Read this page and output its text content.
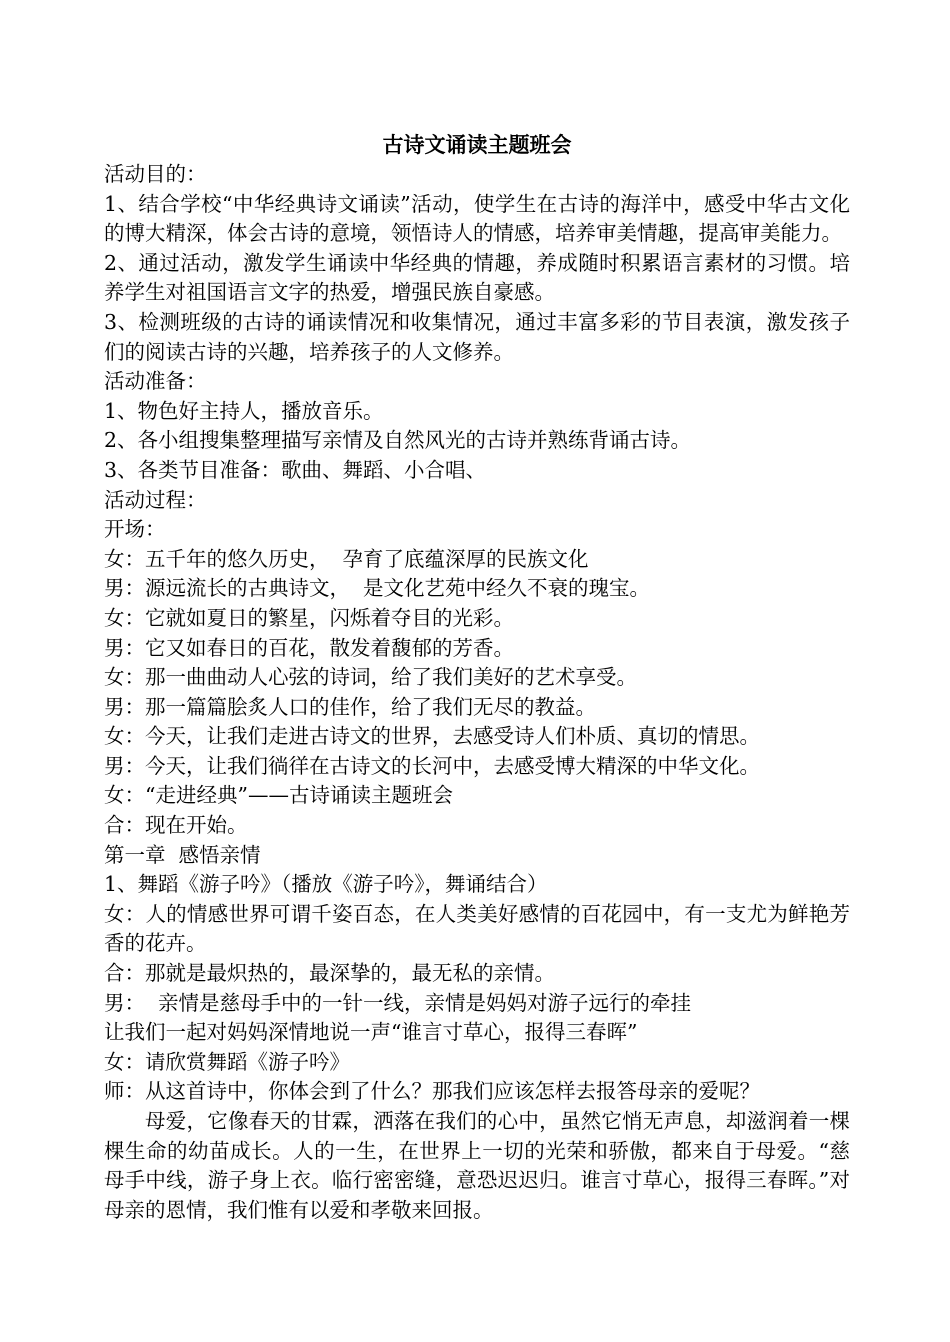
古诗文诵读主题班会

活动目的：

1、结合学校“中华经典诗文诵读”活动，使学生在古诗的海洋中，感受中华古文化的博大精深，体会古诗的意境，领悟诗人的情感，培养审美情趣，提高审美能力。

2、通过活动，激发学生诵读中华经典的情趣，养成随时积累语言素材的习惯。培养学生对祖国语言文字的热爱，增强民族自豪感。

3、检测班级的古诗的诵读情况和收集情况，通过丰富多彩的节目表演，激发孩子们的阅读古诗的兴趣，培养孩子的人文修养。

活动准备：

1、物色好主持人，播放音乐。

2、各小组搜集整理描写亲情及自然风光的古诗并熟练背诵古诗。

3、各类节目准备：歌曲、舞蹈、小合唱、

活动过程：

开场：

女：五千年的悠久历史，  孕育了底蕴深厚的民族文化

男：源远流长的古典诗文，  是文化艺苑中经久不衰的瑰宝。

女：它就如夏日的繁星，闪烁着夺目的光彩。

男：它又如春日的百花，散发着馥郁的芳香。

女：那一曲曲动人心弦的诗词，给了我们美好的艺术享受。

男：那一篇篇脍炙人口的佳作，给了我们无尽的教益。

女：今天，让我们走进古诗文的世界，去感受诗人们朴质、真切的情思。

男：今天，让我们徜徉在古诗文的长河中，去感受博大精深的中华文化。

女：“走进经典”——古诗诵读主题班会

合：现在开始。

第一章  感悟亲情

1、舞蹈《游子吟》（播放《游子吟》，舞诵结合）

女：人的情感世界可谓千姿百态，在人类美好感情的百花园中，有一支尤为鲜艳芳香的花卉。

合：那就是最炽热的，最深挚的，最无私的亲情。

男：  亲情是慈母手中的一针一线，亲情是妈妈对游子远行的牵挂

让我们一起对妈妈深情地说一声“谁言寸草心，报得三春晖”

女：请欣赏舞蹈《游子吟》

师：从这首诗中，你体会到了什么？那我们应该怎样去报答母亲的爱呢？

母爱，它像春天的甘霖，洒落在我们的心中，虽然它悄无声息，却滋润着一棵棵生命的幼苗成长。人的一生，在世界上一切的光荣和骄傲，都来自于母爱。“慈母手中线，游子身上衣。临行密密缝，意恐迟迟归。谁言寸草心，报得三春晖。”对母亲的恩情，我们惟有以爱和孝敬来回报。
